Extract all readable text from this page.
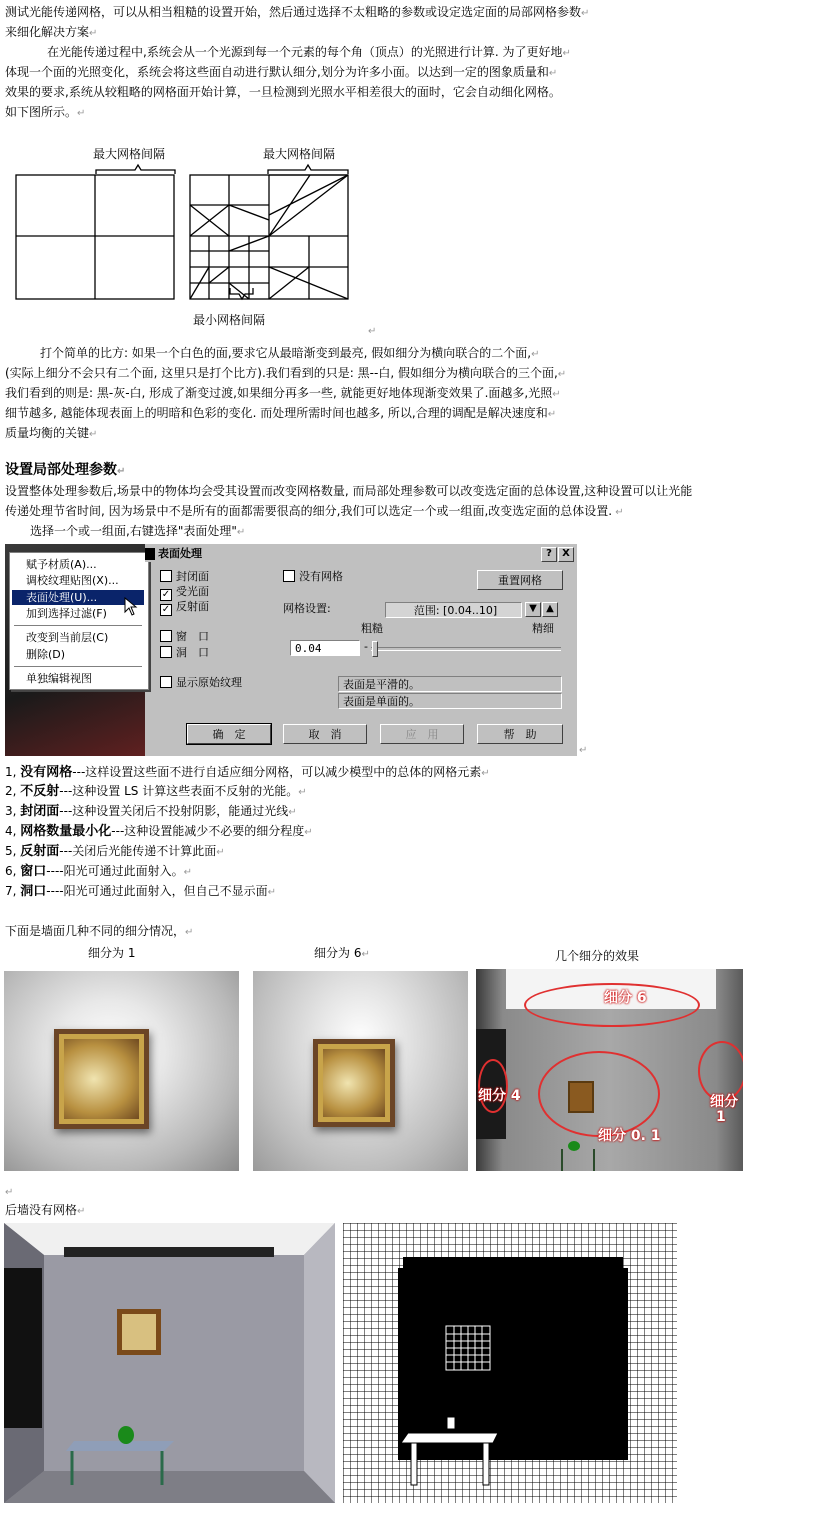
测试光能传递网格，可以从相当粗糙的设置开始，然后通过选择不太粗略的参数或设定选定面的局部网格参数↵
来细化解决方案↵
在光能传递过程中,系统会从一个光源到每一个元素的每个角（顶点）的光照进行计算. 为了更好地↵
体现一个面的光照变化，系统会将这些面自动进行默认细分,划分为许多小面。以达到一定的图象质量和↵
效果的要求,系统从较粗略的网格面开始计算，一旦检测到光照水平相差很大的面时，它会自动细化网格。
如下图所示。↵
最大网格间隔	最大网格间隔
最小网格间隔
↵
打个简单的比方: 如果一个白色的面,要求它从最暗渐变到最亮, 假如细分为横向联合的二个面,↵
(实际上细分不会只有二个面, 这里只是打个比方).我们看到的只是: 黑--白, 假如细分为横向联合的三个面,↵
我们看到的则是: 黑-灰-白, 形成了渐变过渡,如果细分再多一些, 就能更好地体现渐变效果了.面越多,光照↵
细节越多, 越能体现表面上的明暗和色彩的变化. 而处理所需时间也越多, 所以,合理的调配是解决速度和↵
质量均衡的关键↵
设置局部处理参数↵
设置整体处理参数后,场景中的物体均会受其设置而改变网格数量, 而局部处理参数可以改变选定面的总体设置,这种设置可以让光能
传递处理节省时间, 因为场景中不是所有的面都需要很高的细分,我们可以选定一个或一组面,改变选定面的总体设置. ↵
选择一个或一组面,右键选择"表面处理"↵
赋予材质(A)...
调校纹理贴图(X)...
表面处理(U)...
加到选择过滤(F)
改变到当前层(C)
删除(D)
单独编辑视图
表面处理	?	X
封闭面
✓ 受光面
✓ 反射面
窗　口
洞　口
没有网格
显示原始纹理
重置网格
网格设置:	范围: [0.04..10]	▼ ▲
粗糙	精细
0.04	-
表面是平滑的。
表面是单面的。
确　定	取　消	应　用	帮　助
↵
1, 没有网格---这样设置这些面不进行自适应细分网格，可以减少模型中的总体的网格元素↵
2, 不反射---这种设置 LS 计算这些表面不反射的光能。↵
3, 封闭面---这种设置关闭后不投射阴影，能通过光线↵
4, 网格数量最小化---这种设置能减少不必要的细分程度↵
5, 反射面---关闭后光能传递不计算此面↵
6, 窗口----阳光可通过此面射入。↵
7, 洞口----阳光可通过此面射入，但自己不显示面↵
下面是墙面几种不同的细分情况，↵
细分为 1	细分为 6↵	几个细分的效果
细分 6
细分 4
细分 0. 1
细分
1
↵
后墙没有网格↵
